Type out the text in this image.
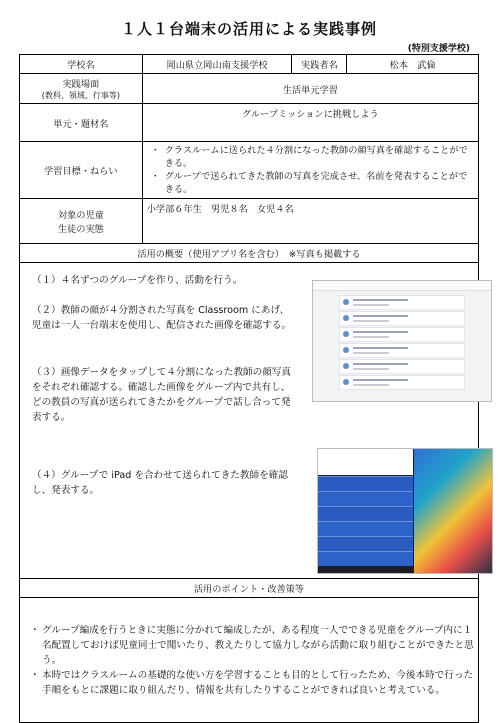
１人１台端末の活用による実践事例
(特別支援学校)
学校名	岡山県立岡山南支援学校	実践者名	松本　武倫

実践場面
(教科、領域、行事等)	生活単元学習		
単元・題材名	グループミッションに挑戦しよう		
学習目標・ねらい	・ クラスルームに送られた４分割になった教師の顔写真を確認することができる。
・ グループで送られてきた教師の写真を完成させ、名前を発表することができる。		

対象の児童
生徒の実態	小学部６年生　男児８名　女児４名		
活用の概要（使用アプリ名を含む）　※写真も掲載する			

（１）４名ずつのグループを作り、活動を行う。
（２）教師の顔が４分割された写真を Classroom にあげ、児童は一人一台端末を使用し、配信された画像を確認する。
（３）画像データをタップして４分割になった教師の顔写真をそれぞれ確認する。確認した画像をグループ内で共有し、どの教員の写真が送られてきたかをグループで話し合って発表する。
（４）グループで iPad を合わせて送られてきた教師を確認し、発表する。			

活用のポイント・改善策等			

・ グループ編成を行うときに実態に分かれて編成したが、ある程度一人でできる児童をグループ内に１名配置しておけば児童同士で聞いたり、教えたりして協力しながら活動に取り組むことができたと思う。
・ 本時ではクラスルームの基礎的な使い方を学習することも目的として行ったため、今後本時で行った手順をもとに課題に取り組んだり、情報を共有したりすることができれば良いと考えている。			
